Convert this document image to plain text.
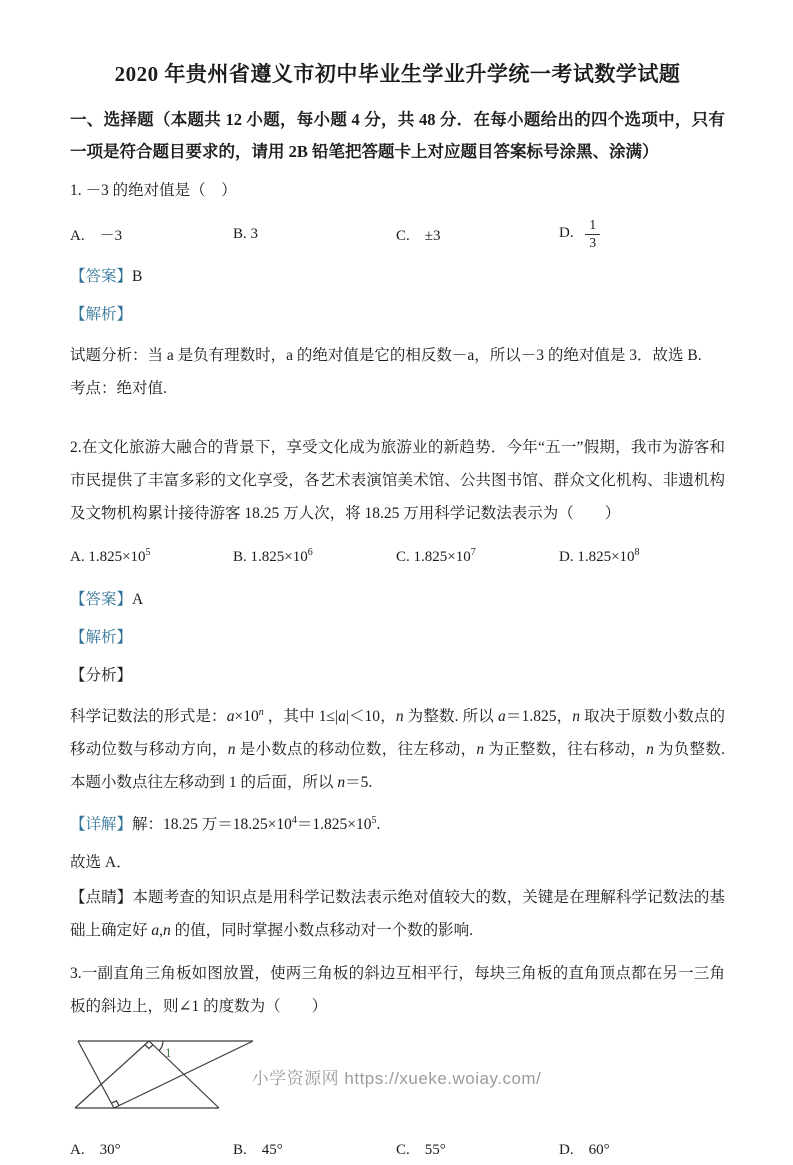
2020 年贵州省遵义市初中毕业生学业升学统一考试数学试题

一、选择题（本题共 12 小题，每小题 4 分，共 48 分．在每小题给出的四个选项中，只有一项是符合题目要求的，请用 2B 铅笔把答题卡上对应题目答案标号涂黑、涂满）

1. －3 的绝对值是（　）

A.　－3	B. 3	C.　±3	D. $\frac{1}{3}$

【答案】B

【解析】

试题分析：当 a 是负有理数时，a 的绝对值是它的相反数－a，所以－3 的绝对值是 3．故选 B.

考点：绝对值.

2.在文化旅游大融合的背景下，享受文化成为旅游业的新趋势．今年“五一”假期，我市为游客和市民提供了丰富多彩的文化享受，各艺术表演馆美术馆、公共图书馆、群众文化机构、非遗机构及文物机构累计接待游客 18.25 万人次，将 18.25 万用科学记数法表示为（　　）

A. $1.825\times 10^5$	B. $1.825\times 10^6$	C. $1.825\times 10^7$	D. $1.825\times 10^8$

【答案】A

【解析】

【分析】

科学记数法的形式是：$a\times 10^n$ ，其中 1≤|a|＜10，n 为整数. 所以 a＝1.825，n 取决于原数小数点的移动位数与移动方向，n 是小数点的移动位数，往左移动，n 为正整数，往右移动，n 为负整数. 本题小数点往左移动到 1 的后面，所以 n＝5.

【详解】解：18.25 万$=18.25\times 10^4=1.825\times 10^5$.

故选 A．

【点睛】本题考查的知识点是用科学记数法表示绝对值较大的数，关键是在理解科学记数法的基础上确定好 a,n 的值，同时掌握小数点移动对一个数的影响.

3.一副直角三角板如图放置，使两三角板的斜边互相平行，每块三角板的直角顶点都在另一三角板的斜边上，则∠1 的度数为（　　）

1
A.　30°	B.　45°	C.　55°	D.　60°
小学资源网 https://xueke.woiay.com/
